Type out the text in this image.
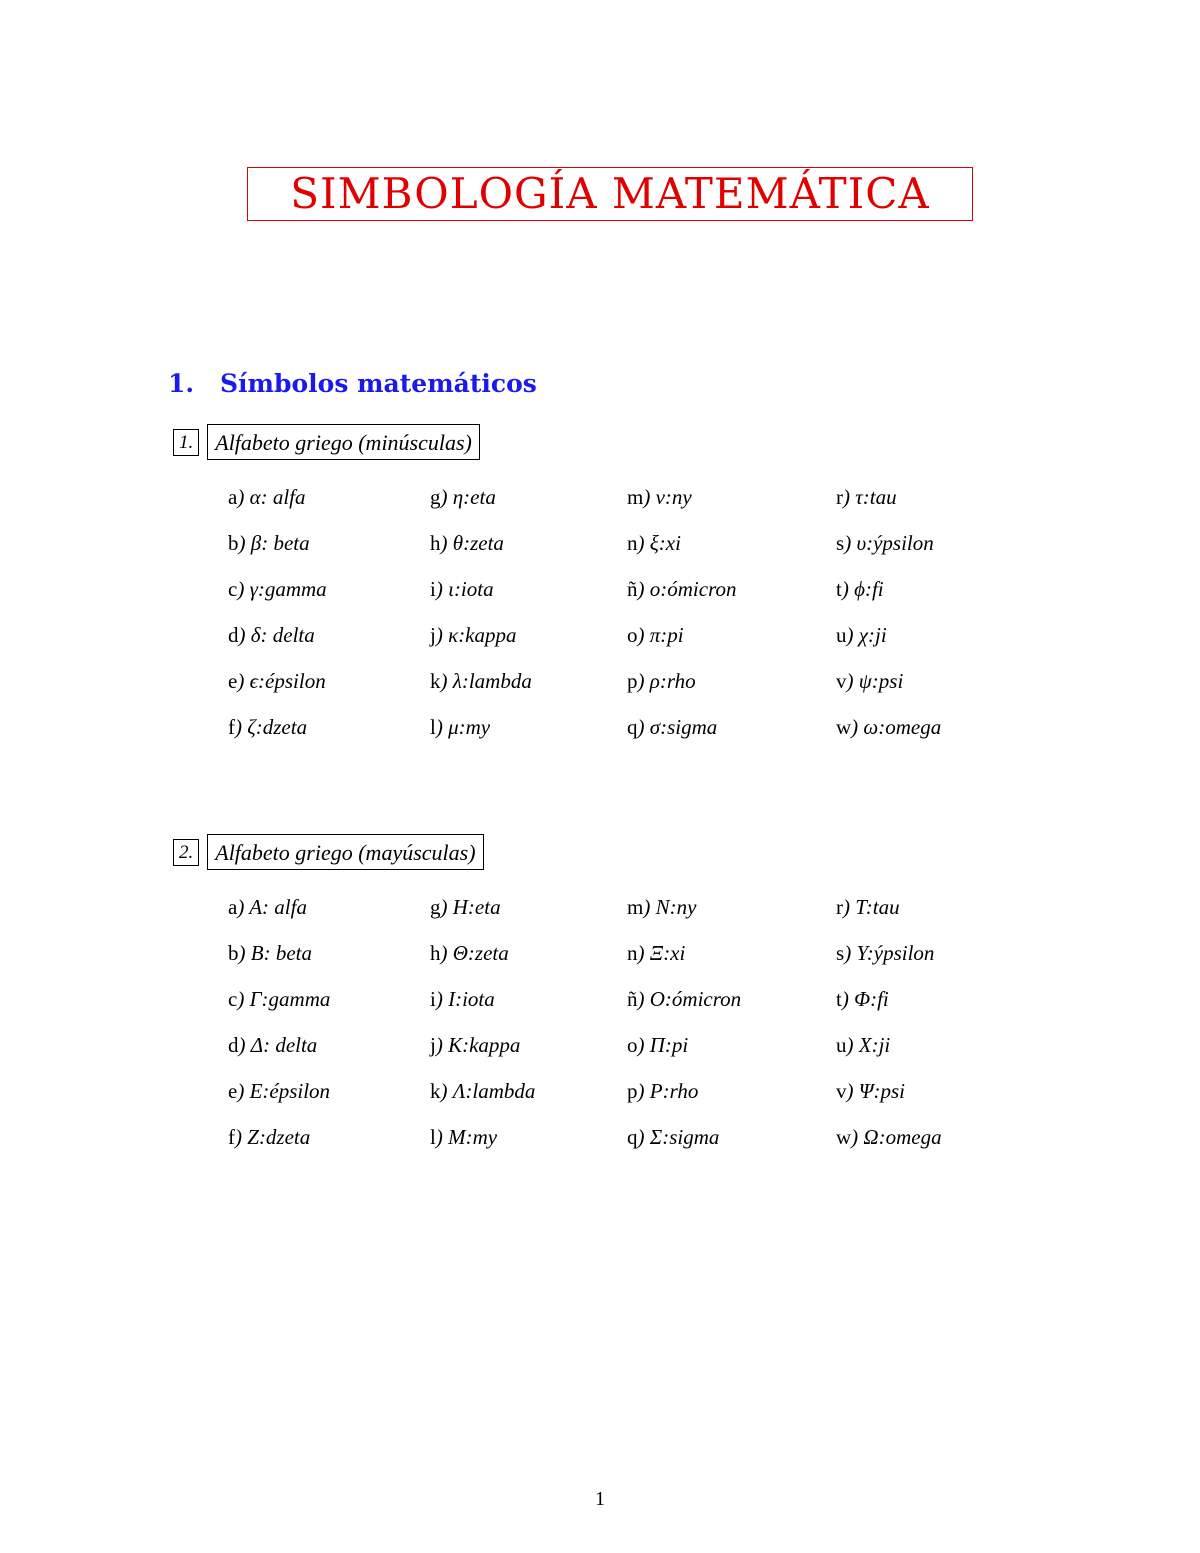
SIMBOLOGÍA MATEMÁTICA
1. Símbolos matemáticos
1.	Alfabeto griego (minúsculas)
a) α: alfa
b) β: beta
c) γ:gamma
d) δ: delta
e) ϵ:épsilon
f) ζ:dzeta
g) η:eta
h) θ:zeta
i) ι:iota
j) κ:kappa
k) λ:lambda
l) μ:my
m) ν:ny
n) ξ:xi
ñ) o:ómicron
o) π:pi
p) ρ:rho
q) σ:sigma
r) τ:tau
s) υ:ýpsilon
t) ϕ:fi
u) χ:ji
v) ψ:psi
w) ω:omega
2.	Alfabeto griego (mayúsculas)
a) A: alfa
b) B: beta
c) Γ:gamma
d) Δ: delta
e) E:épsilon
f) Z:dzeta
g) H:eta
h) Θ:zeta
i) I:iota
j) K:kappa
k) Λ:lambda
l) M:my
m) N:ny
n) Ξ:xi
ñ) O:ómicron
o) Π:pi
p) P:rho
q) Σ:sigma
r) T:tau
s) Υ:ýpsilon
t) Φ:fi
u) X:ji
v) Ψ:psi
w) Ω:omega
1
